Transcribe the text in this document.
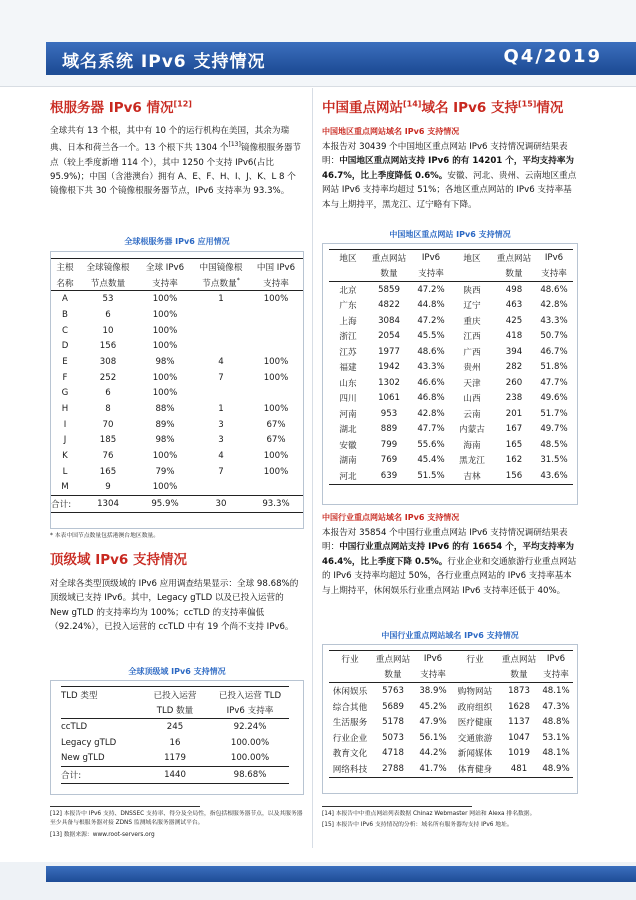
域名系统 IPv6 支持情况	Q4/2019
根服务器 IPv6 情况[12]
全球共有 13 个根，其中有 10 个的运行机构在美国，其余为瑞典、日本和荷兰各一个。13 个根下共 1304 个[13]镜像根服务器节点（较上季度新增 114 个），其中 1250 个支持 IPv6(占比 95.9%)；中国（含港澳台）拥有 A、E、F、H、I、J、K、L 8 个镜像根下共 30 个镜像根服务器节点，IPv6 支持率为 93.3%。
全球根服务器 IPv6 应用情况
主根	全球镜像根	全球 IPv6	中国镜像根	中国 IPv6
名称	节点数量	支持率	节点数量*	支持率
A	53	100%	1	100%
B	6	100%		
C	10	100%		
D	156	100%		
E	308	98%	4	100%
F	252	100%	7	100%
G	6	100%		
H	8	88%	1	100%
I	70	89%	3	67%
J	185	98%	3	67%
K	76	100%	4	100%
L	165	79%	7	100%
M	9	100%		
合计:	1304	95.9%	30	93.3%
* 本表中国节点数量包括港澳台地区数量。
顶级域 IPv6 支持情况
对全球各类型顶级域的 IPv6 应用调查结果显示：全球 98.68%的顶级域已支持 IPv6。其中，Legacy gTLD 以及已投入运营的 New gTLD 的支持率均为 100%；ccTLD 的支持率偏低（92.24%），已投入运营的 ccTLD 中有 19 个尚不支持 IPv6。
全球顶级域 IPv6 支持情况
TLD 类型	已投入运营	已投入运营 TLD
	TLD 数量	IPv6 支持率
ccTLD	245	92.24%
Legacy gTLD	16	100.00%
New gTLD	1179	100.00%
合计:	1440	98.68%
[12] 本报告中 IPv6 支持、DNSSEC 支持率、得分及全局性，指包括根服务器节点，以及其服务器至少具备与根服务器对接 ZDNS 监测域名服务器测试平台。
[13] 数据来源：www.root-servers.org
中国重点网站[14]域名 IPv6 支持[15]情况
中国地区重点网站域名 IPv6 支持情况
本报告对 30439 个中国地区重点网站 IPv6 支持情况调研结果表明：中国地区重点网站支持 IPv6 的有 14201 个，平均支持率为 46.7%，比上季度降低 0.6%。安徽、河北、贵州、云南地区重点网站 IPv6 支持率均超过 51%；各地区重点网站的 IPv6 支持率基本与上期持平，黑龙江、辽宁略有下降。
中国地区重点网站 IPv6 支持情况
地区	重点网站	IPv6	地区	重点网站	IPv6
	数量	支持率		数量	支持率
北京	5859	47.2%	陕西	498	48.6%
广东	4822	44.8%	辽宁	463	42.8%
上海	3084	47.2%	重庆	425	43.3%
浙江	2054	45.5%	江西	418	50.7%
江苏	1977	48.6%	广西	394	46.7%
福建	1942	43.3%	贵州	282	51.8%
山东	1302	46.6%	天津	260	47.7%
四川	1061	46.8%	山西	238	49.6%
河南	953	42.8%	云南	201	51.7%
湖北	889	47.7%	内蒙古	167	49.7%
安徽	799	55.6%	海南	165	48.5%
湖南	769	45.4%	黑龙江	162	31.5%
河北	639	51.5%	吉林	156	43.6%
中国行业重点网站域名 IPv6 支持情况
本报告对 35854 个中国行业重点网站 IPv6 支持情况调研结果表明：中国行业重点网站支持 IPv6 的有 16654 个，平均支持率为 46.4%，比上季度下降 0.5%。行业企业和交通旅游行业重点网站的 IPv6 支持率均超过 50%，各行业重点网站的 IPv6 支持率基本与上期持平，休闲娱乐行业重点网站 IPv6 支持率还低于 40%。
中国行业重点网站域名 IPv6 支持情况
行业	重点网站	IPv6	行业	重点网站	IPv6
	数量	支持率		数量	支持率
休闲娱乐	5763	38.9%	购物网站	1873	48.1%
综合其他	5689	45.2%	政府组织	1628	47.3%
生活服务	5178	47.9%	医疗健康	1137	48.8%
行业企业	5073	56.1%	交通旅游	1047	53.1%
教育文化	4718	44.2%	新闻媒体	1019	48.1%
网络科技	2788	41.7%	体育健身	481	48.9%
[14] 本报告中中重点网站列表数据 Chinaz Webmaster 网站和 Alexa 排名数据。
[15] 本报告中 IPv6 支持情况的分析：域名所有服务器均支持 IPv6 地址。
